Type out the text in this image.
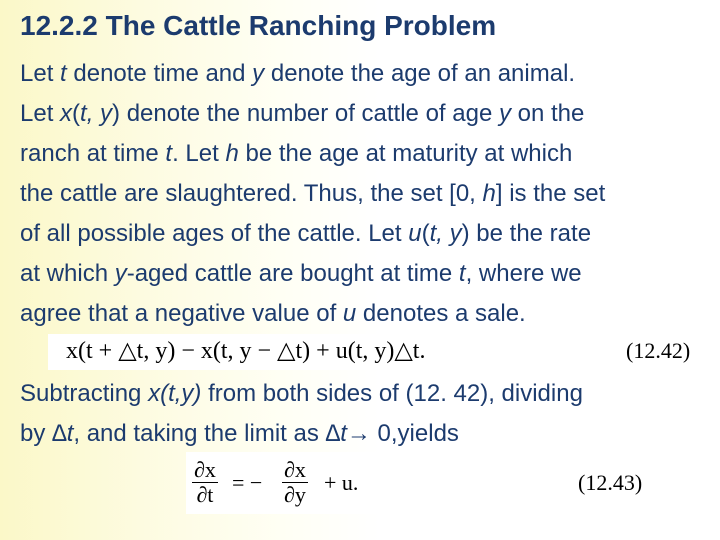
12.2.2 The Cattle Ranching Problem
Let t denote time and y denote the age of an animal.
Let x(t, y) denote the number of cattle of age y on the
ranch at time t. Let h be the age at maturity at which
the cattle are slaughtered. Thus, the set [0, h] is the set
of all possible ages of the cattle. Let u(t, y) be the rate
at which y-aged cattle are bought at time t, where we
agree that a negative value of u denotes a sale.
Subtracting x(t,y) from both sides of (12. 42), dividing
by ∆t, and taking the limit as ∆t→ 0,yields
x(t + △t, y) − x(t, y − △t) + u(t, y)△t.	(12.42)
$\frac{\partial x}{\partial t}$ = − $\frac{\partial x}{\partial y} + u$.	(12.43)
